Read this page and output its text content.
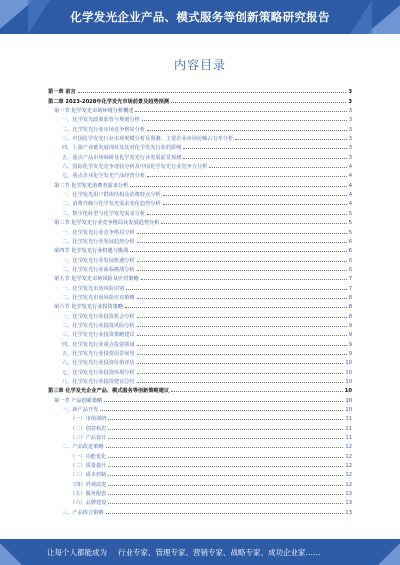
化学发光企业产品、模式服务等创新策略研究报告
内容目录
第一章 前言	3
第二章 2023-2028年化学发光市场前景及趋势预测	3
第一节 化学发光市场环境分析概述	3
一、化学发光政策监管与规划分析	3
二、化学发光行业市场竞争格局分析	3
三、中国化学发光行业市场规模分析及预测、主要企业市场份额占有率分析	3
四、上游产业链发展现状及其对化学发光行业的影响	3
五、重点产品市场调研及化学发光行业发展前景预测	3
六、国际化学发光竞争现状分析及中国化学发光行业竞争力分析	4
七、重点企业化学发光产品经营分析	4
第二节 化学发光消费者需求分析	4
一、化学发光用户群体结构及消费特点分析	4
二、消费升级与化学发光需求变化趋势分析	4
三、数字化转型与化学发光需求分析	5
第三节 化学发光行业竞争格局及发展趋势分析	5
一、化学发光行业竞争格局分析	5
二、化学发光行业发展趋势分析	6
第四节 化学发光行业机遇与挑战	6
一、化学发光行业发展机遇分析	6
二、化学发光行业面临挑战分析	6
第五节 化学发光市场风险及应对策略	7
一、化学发光市场风险识别	7
二、化学发光市场风险应对策略	8
第六节 化学发光行业投资策略	8
一、化学发光行业投资机会分析	8
二、化学发光行业投资风险分析	9
三、化学发光行业投资策略建议	9
四、化学发光行业重点投资领域	9
五、化学发光行业投资前景展望	9
六、化学发光行业投资价值评估	10
七、化学发光行业投资环境分析	10
八、化学发光行业投资建议总结	10
第三章 化学发光企业产品、模式服务等创新策略建议	10
第一节 产品创新策略	10
一、新产品开发	10
（一）市场调研	11
（二）创意构思	11
（三）产品设计	11
二、产品改进策略	12
（一）功能优化	12
（二）质量提升	12
（三）成本控制	12
（四）外观改进	12
（五）服务配套	13
（六）品牌建设	13
三、产品组合策略	13
让每个人都能成为 行业专家、管理专家、营销专家、战略专家、成功企业家……
